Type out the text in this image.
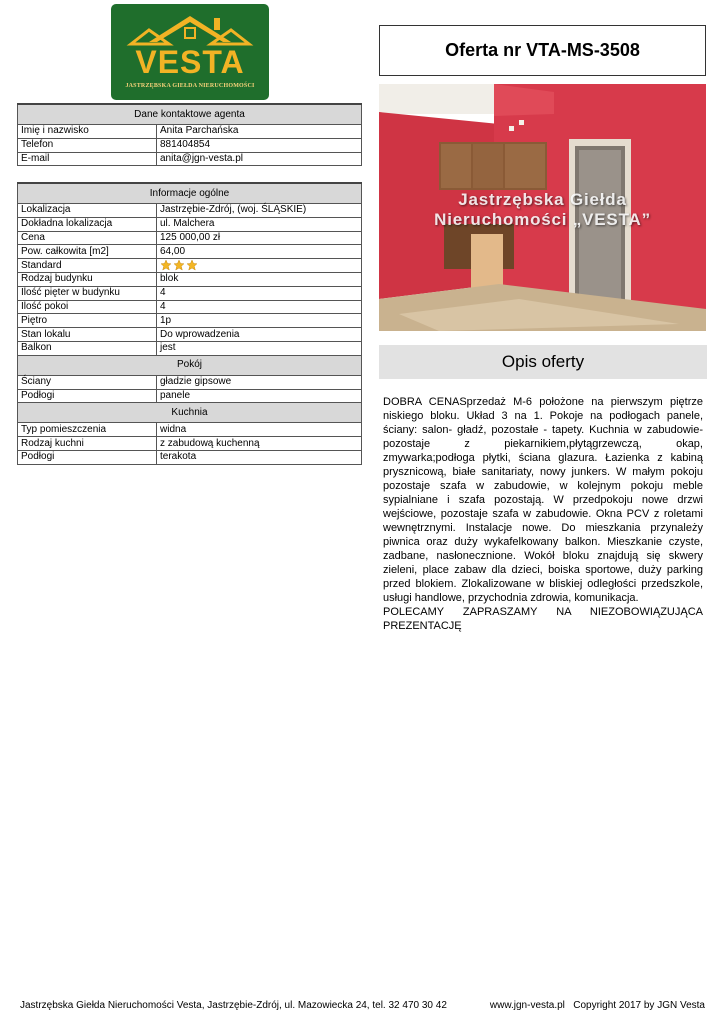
VESTA
JASTRZĘBSKA GIEŁDA NIERUCHOMOŚCI
Dane kontaktowe agenta	
Imię i nazwisko	Anita Parchańska
Telefon	881404854
E-mail	anita@jgn-vesta.pl
Informacje ogólne	
Lokalizacja	Jastrzębie-Zdrój, (woj. ŚLĄSKIE)
Dokładna lokalizacja	ul. Malchera
Cena	125 000,00 zł
Pow. całkowita [m2]	64,00
Standard	

Rodzaj budynku	blok
Ilość pięter w budynku	4
Ilość pokoi	4
Piętro	1p
Stan lokalu	Do wprowadzenia
Balkon	jest
Pokój	
Ściany	gładzie gipsowe
Podłogi	panele
Kuchnia	
Typ pomieszczenia	widna
Rodzaj kuchni	z zabudową kuchenną
Podłogi	terakota
Oferta nr VTA-MS-3508
Jastrzębska Giełda
Nieruchomości „VESTA”
Opis oferty
DOBRA CENASprzedaż M-6 położone na pierwszym piętrze niskiego bloku. Układ 3 na 1. Pokoje na podłogach panele, ściany: salon- gładź, pozostałe - tapety. Kuchnia w zabudowie-pozostaje z piekarnikiem,płytągrzewczą, okap, zmywarka;podłoga płytki, ściana glazura. Łazienka z kabiną prysznicową, białe sanitariaty, nowy junkers. W małym pokoju pozostaje szafa w zabudowie, w kolejnym pokoju meble sypialniane i szafa pozostają. W przedpokoju nowe drzwi wejściowe, pozostaje szafa w zabudowie. Okna PCV z roletami wewnętrznymi. Instalacje nowe. Do mieszkania przynależy piwnica oraz duży wykafelkowany balkon. Mieszkanie czyste, zadbane, nasłonecznione. Wokół bloku znajdują się skwery zieleni, place zabaw dla dzieci, boiska sportowe, duży parking przed blokiem. Zlokalizowane w bliskiej odległości przedszkole, usługi handlowe, przychodnia zdrowia, komunikacja.
POLECAMY ZAPRASZAMY NA NIEZOBOWIĄZUJĄCA PREZENTACJĘ
Jastrzębska Giełda Nieruchomości Vesta, Jastrzębie-Zdrój, ul. Mazowiecka 24, tel. 32 470 30 42	www.jgn-vesta.pl Copyright 2017 by JGN Vesta
